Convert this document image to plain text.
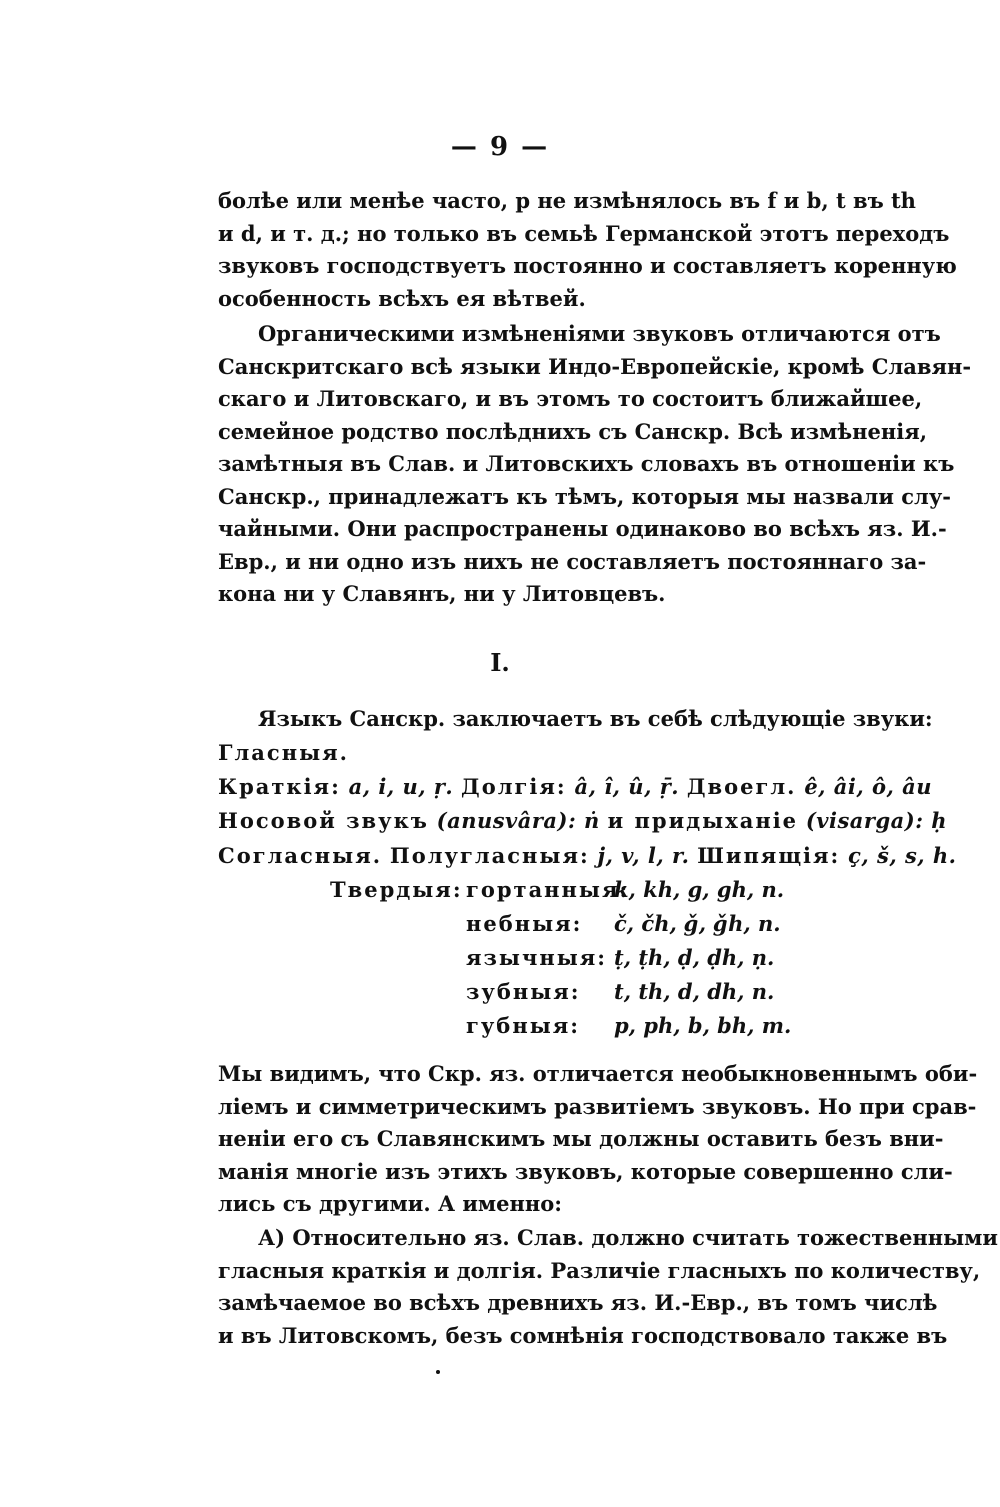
— 9 —
болѣе или менѣе часто, p не измѣнялось въ f и b, t въ th
и d, и т. д.; но только въ семьѣ Германской этотъ переходъ
звуковъ господствуетъ постоянно и составляетъ коренную
особенность всѣхъ ея вѣтвей.
Органическими измѣненіями звуковъ отличаются отъ
Санскритскаго всѣ языки Индо-Европейскіе, кромѣ Славян-
скаго и Литовскаго, и въ этомъ то состоитъ ближайшее,
семейное родство послѣднихъ съ Санскр. Всѣ измѣненія,
замѣтныя въ Слав. и Литовскихъ словахъ въ отношеніи къ
Санскр., принадлежатъ къ тѣмъ, которыя мы назвали слу-
чайными. Они распространены одинаково во всѣхъ яз. И.-
Евр., и ни одно изъ нихъ не составляетъ постояннаго за-
кона ни у Славянъ, ни у Литовцевъ.
I.
Языкъ Санскр. заключаетъ въ себѣ слѣдующіе звуки:
Гласныя.
Краткія: a, i, u, ṛ. Долгія: â, î, û, ṝ. Двоегл. ê, âi, ô, âu
Носовой звукъ (anusvâra): ṅ и придыханіе (visarga): ḥ
Согласныя. Полугласныя: j, v, l, r. Шипящія: ç, š, s, h.
Твердыя: гортанныя:
k, kh, g, gh, n.
небныя: č, čh, ǧ, ǧh, n.
язычныя: ṭ, ṭh, ḍ, ḍh, ṇ.
зубныя: t, th, d, dh, n.
губныя: p, ph, b, bh, m.
Мы видимъ, что Скр. яз. отличается необыкновеннымъ оби-
ліемъ и симметрическимъ развитіемъ звуковъ. Но при срав-
неніи его съ Славянскимъ мы должны оставить безъ вни-
манія многіе изъ этихъ звуковъ, которые совершенно сли-
лись съ другими. А именно:
А) Относительно яз. Слав. должно считать тожественными
гласныя краткія и долгія. Различіе гласныхъ по количеству,
замѣчаемое во всѣхъ древнихъ яз. И.-Евр., въ томъ числѣ
и въ Литовскомъ, безъ сомнѣнія господствовало также въ
